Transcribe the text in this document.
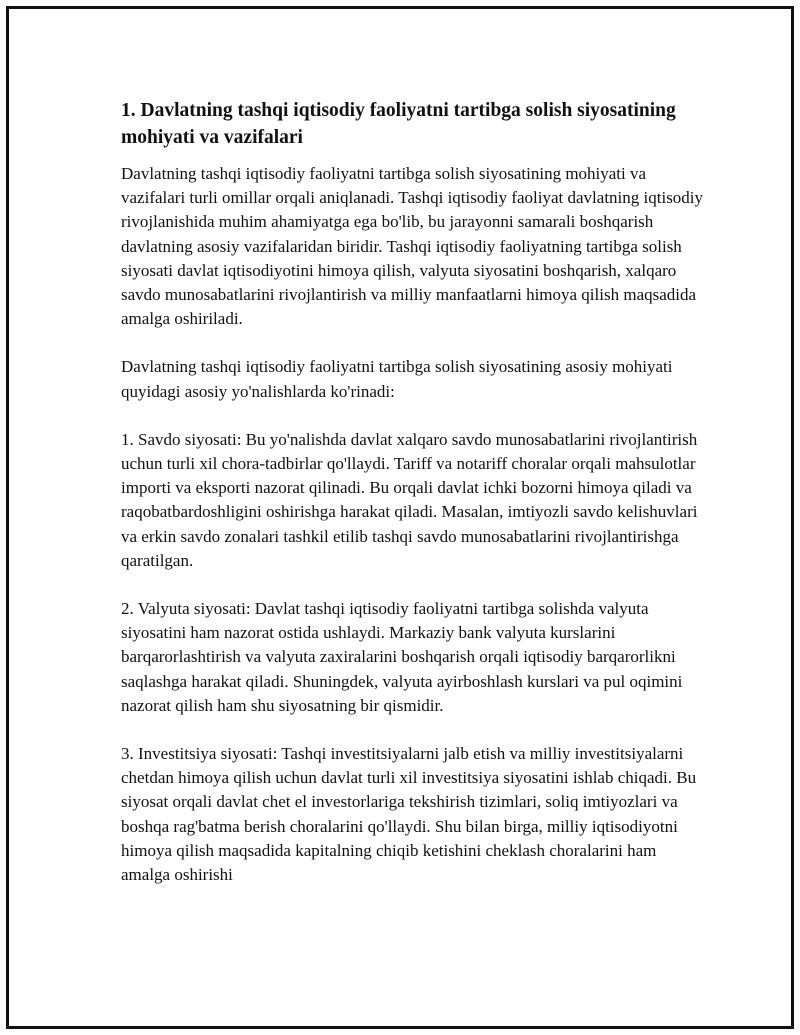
1. Davlatning tashqi iqtisodiy faoliyatni tartibga solish siyosatining mohiyati va vazifalari

Davlatning tashqi iqtisodiy faoliyatni tartibga solish siyosatining mohiyati va vazifalari turli omillar orqali aniqlanadi. Tashqi iqtisodiy faoliyat davlatning iqtisodiy rivojlanishida muhim ahamiyatga ega bo'lib, bu jarayonni samarali boshqarish davlatning asosiy vazifalaridan biridir. Tashqi iqtisodiy faoliyatning tartibga solish siyosati davlat iqtisodiyotini himoya qilish, valyuta siyosatini boshqarish, xalqaro savdo munosabatlarini rivojlantirish va milliy manfaatlarni himoya qilish maqsadida amalga oshiriladi.

Davlatning tashqi iqtisodiy faoliyatni tartibga solish siyosatining asosiy mohiyati quyidagi asosiy yo'nalishlarda ko'rinadi:

1. Savdo siyosati: Bu yo'nalishda davlat xalqaro savdo munosabatlarini rivojlantirish uchun turli xil chora-tadbirlar qo'llaydi. Tariff va notariff choralar orqali mahsulotlar importi va eksporti nazorat qilinadi. Bu orqali davlat ichki bozorni himoya qiladi va raqobatbardoshligini oshirishga harakat qiladi. Masalan, imtiyozli savdo kelishuvlari va erkin savdo zonalari tashkil etilib tashqi savdo munosabatlarini rivojlantirishga qaratilgan.

2. Valyuta siyosati: Davlat tashqi iqtisodiy faoliyatni tartibga solishda valyuta siyosatini ham nazorat ostida ushlaydi. Markaziy bank valyuta kurslarini barqarorlashtirish va valyuta zaxiralarini boshqarish orqali iqtisodiy barqarorlikni saqlashga harakat qiladi. Shuningdek, valyuta ayirboshlash kurslari va pul oqimini nazorat qilish ham shu siyosatning bir qismidir.

3. Investitsiya siyosati: Tashqi investitsiyalarni jalb etish va milliy investitsiyalarni chetdan himoya qilish uchun davlat turli xil investitsiya siyosatini ishlab chiqadi. Bu siyosat orqali davlat chet el investorlariga tekshirish tizimlari, soliq imtiyozlari va boshqa rag'batma berish choralarini qo'llaydi. Shu bilan birga, milliy iqtisodiyotni himoya qilish maqsadida kapitalning chiqib ketishini cheklash choralarini ham amalga oshirishi
